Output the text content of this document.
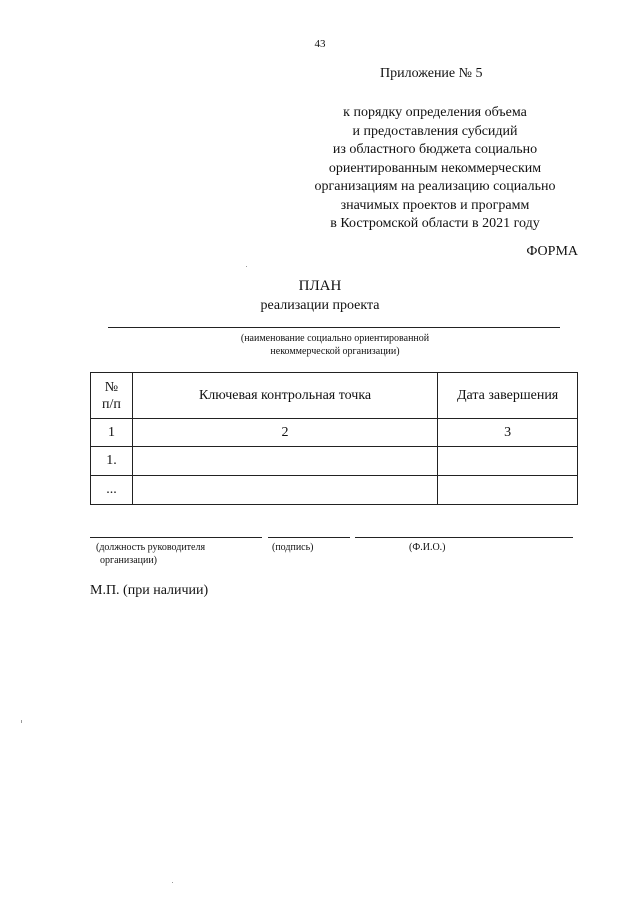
43
Приложение № 5
к порядку определения объема
и предоставления субсидий
из областного бюджета социально
ориентированным некоммерческим
организациям на реализацию социально
значимых проектов и программ
в Костромской области в 2021 году
ФОРМА
ПЛАН
реализации проекта
(наименование социально ориентированной
некоммерческой организации)
№
п/п	Ключевая контрольная точка	Дата завершения
1	2	3
1.		
...		
(должность руководителя
организации)
(подпись)	(Ф.И.О.)
М.П. (при наличии)
